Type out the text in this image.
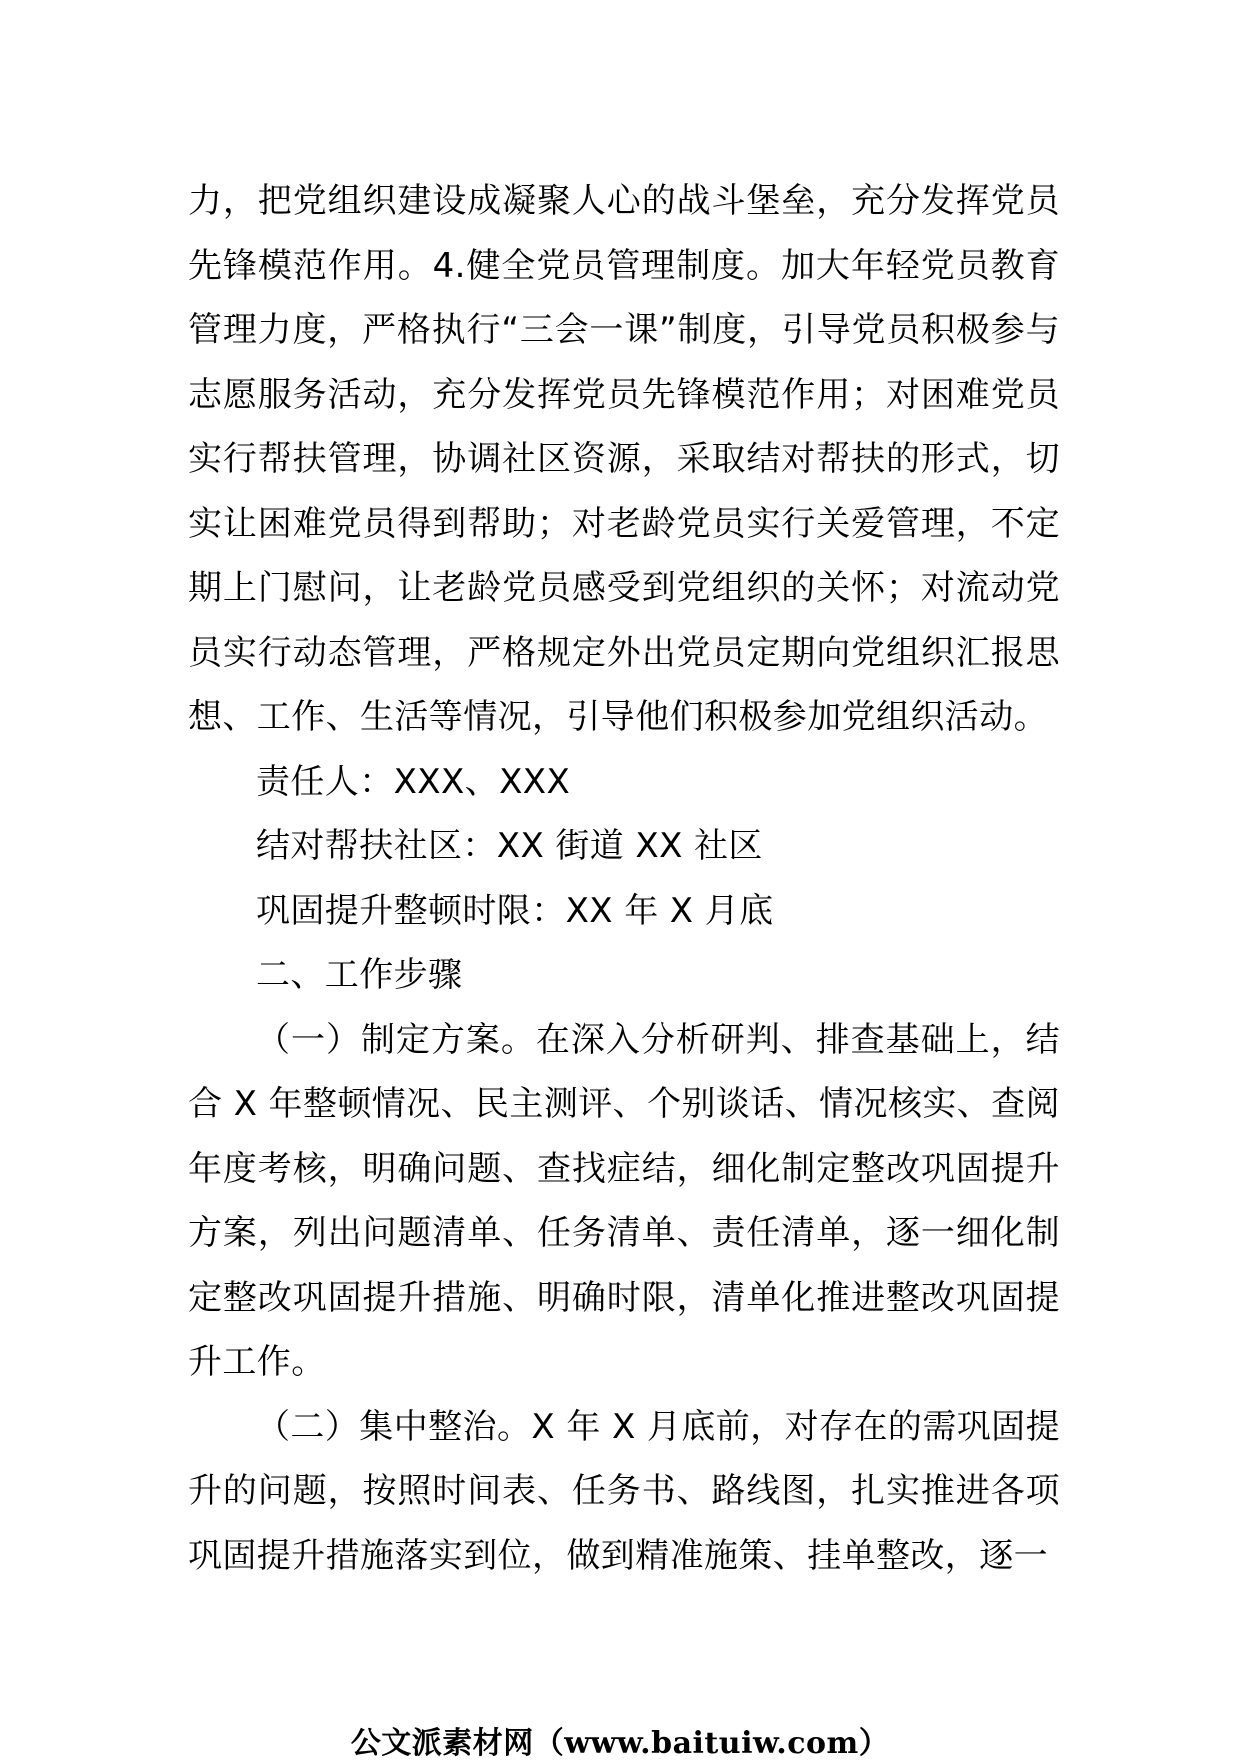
力，把党组织建设成凝聚人心的战斗堡垒，充分发挥党员先锋模范作用。4.健全党员管理制度。加大年轻党员教育管理力度，严格执行“三会一课”制度，引导党员积极参与志愿服务活动，充分发挥党员先锋模范作用；对困难党员实行帮扶管理，协调社区资源，采取结对帮扶的形式，切实让困难党员得到帮助；对老龄党员实行关爱管理，不定期上门慰问，让老龄党员感受到党组织的关怀；对流动党员实行动态管理，严格规定外出党员定期向党组织汇报思想、工作、生活等情况，引导他们积极参加党组织活动。

责任人：XXX、XXX

结对帮扶社区：XX 街道 XX 社区

巩固提升整顿时限：XX 年 X 月底

二、工作步骤

（一）制定方案。在深入分析研判、排查基础上，结合 X 年整顿情况、民主测评、个别谈话、情况核实、查阅年度考核，明确问题、查找症结，细化制定整改巩固提升方案，列出问题清单、任务清单、责任清单，逐一细化制定整改巩固提升措施、明确时限，清单化推进整改巩固提升工作。

（二）集中整治。X 年 X 月底前，对存在的需巩固提升的问题，按照时间表、任务书、路线图，扎实推进各项巩固提升措施落实到位，做到精准施策、挂单整改，逐一

公文派素材网（www.baituiw.com）
